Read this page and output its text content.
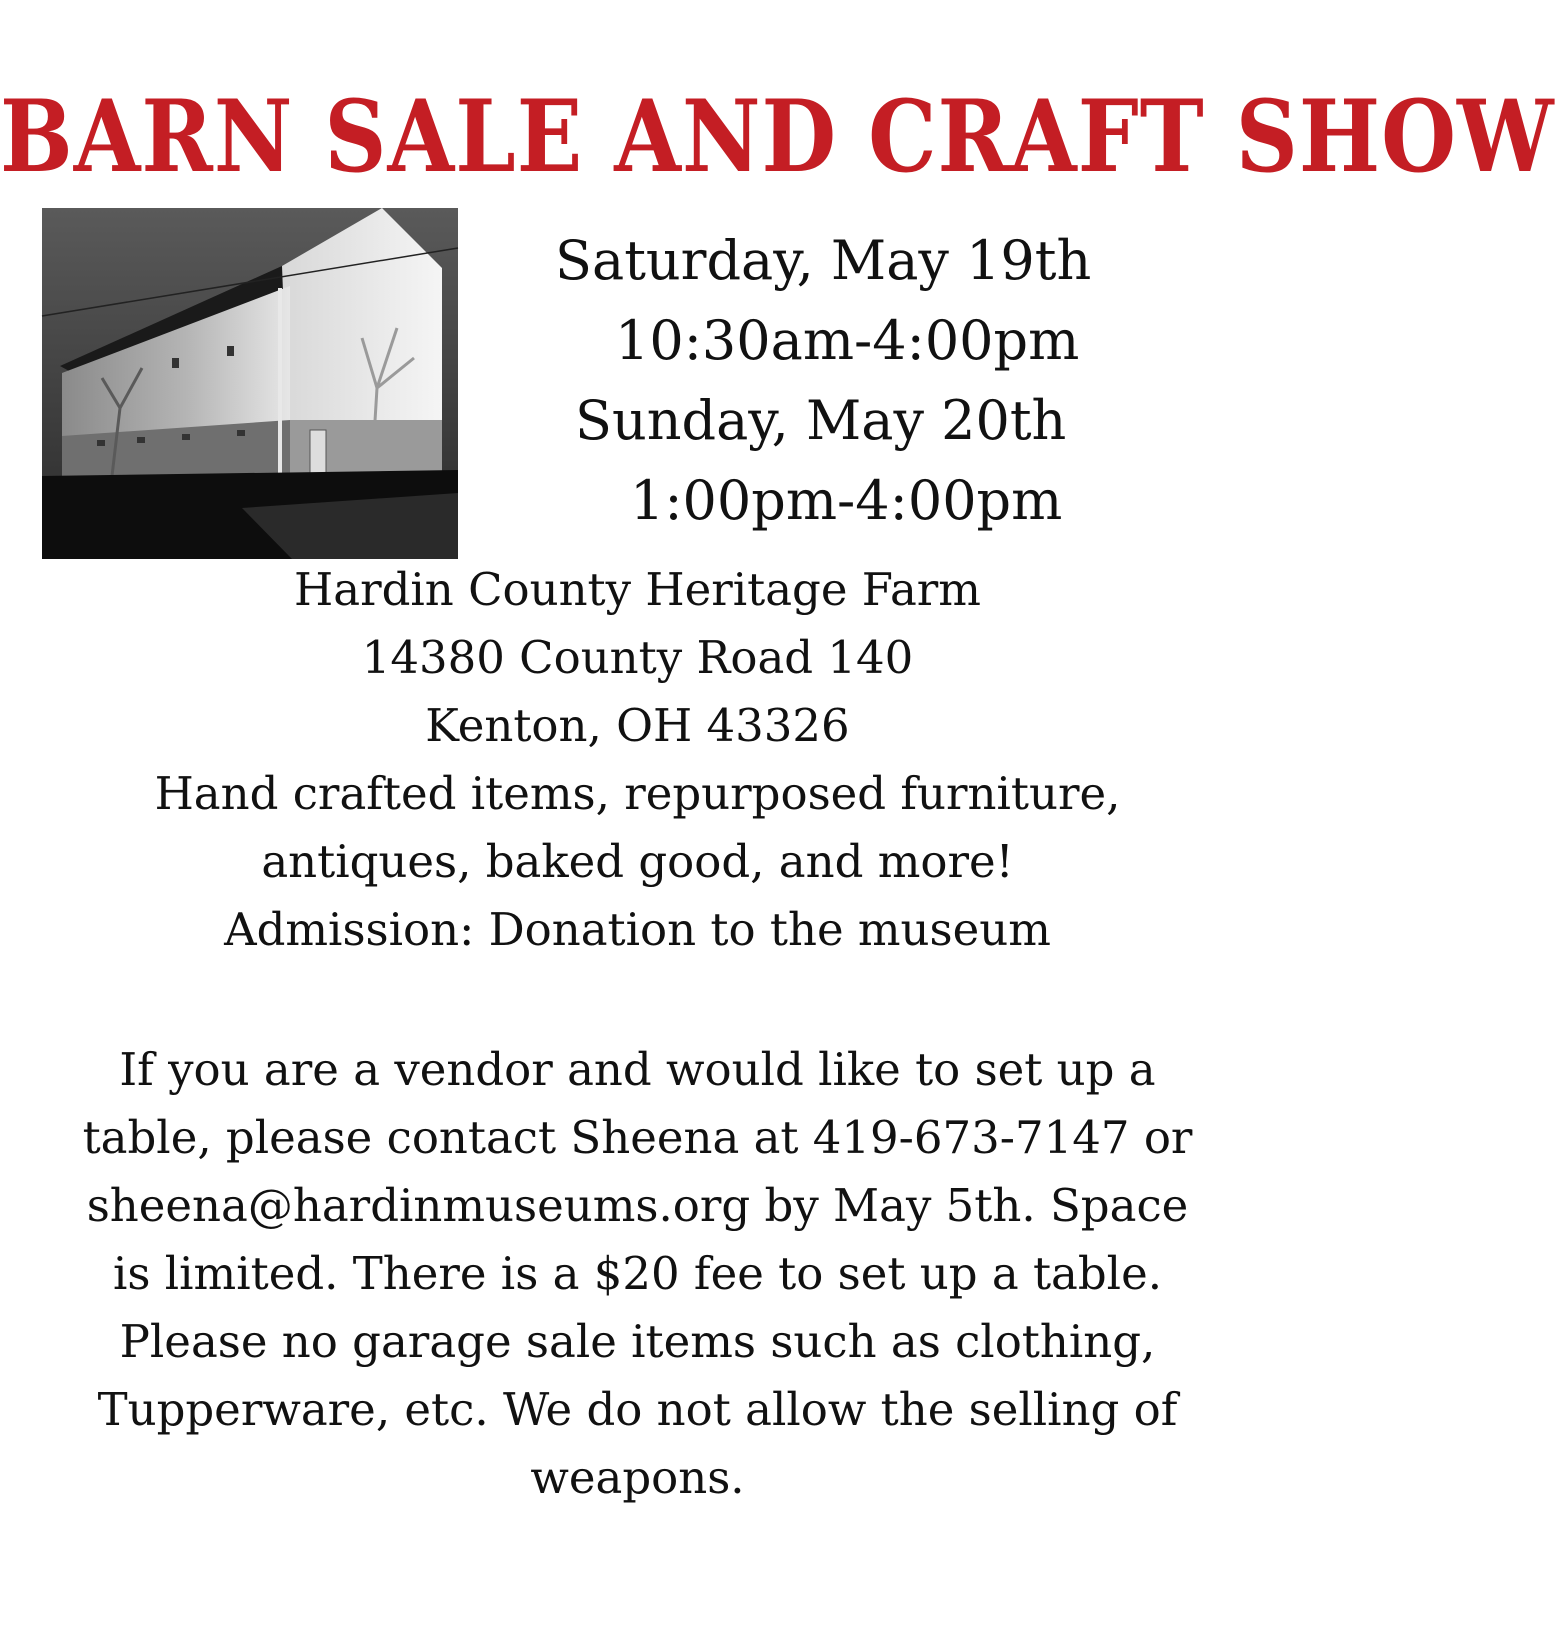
BARN SALE AND CRAFT SHOW
Saturday, May 19th
10:30am-4:00pm
Sunday, May 20th
1:00pm-4:00pm
Hardin County Heritage Farm
14380 County Road 140
Kenton, OH 43326
Hand crafted items, repurposed furniture,
antiques, baked good, and more!
Admission: Donation to the museum
If you are a vendor and would like to set up a
table, please contact Sheena at 419-673-7147 or
sheena@hardinmuseums.org by May 5th. Space
is limited. There is a $20 fee to set up a table.
Please no garage sale items such as clothing,
Tupperware, etc. We do not allow the selling of
weapons.
